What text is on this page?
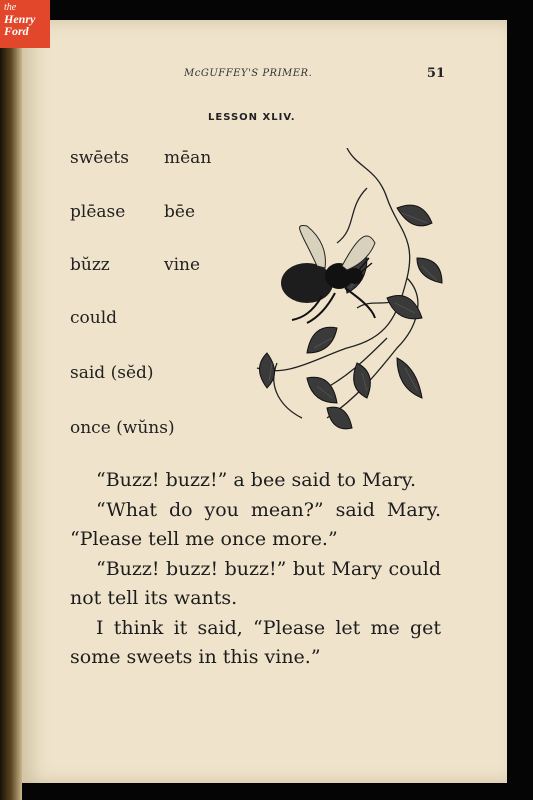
the
Henry Ford
McGUFFEY'S PRIMER.	51
LESSON XLIV.
swēets
plēase
bŭzz
could
said (sĕd)
once (wŭns)
mēan
bēe
vine

“Buzz! buzz!” a bee said to Mary.

“What do you mean?” said Mary. “Please tell me once more.”

“Buzz! buzz! buzz!” but Mary could not tell its wants.

I think it said, “Please let me get some sweets in this vine.”
